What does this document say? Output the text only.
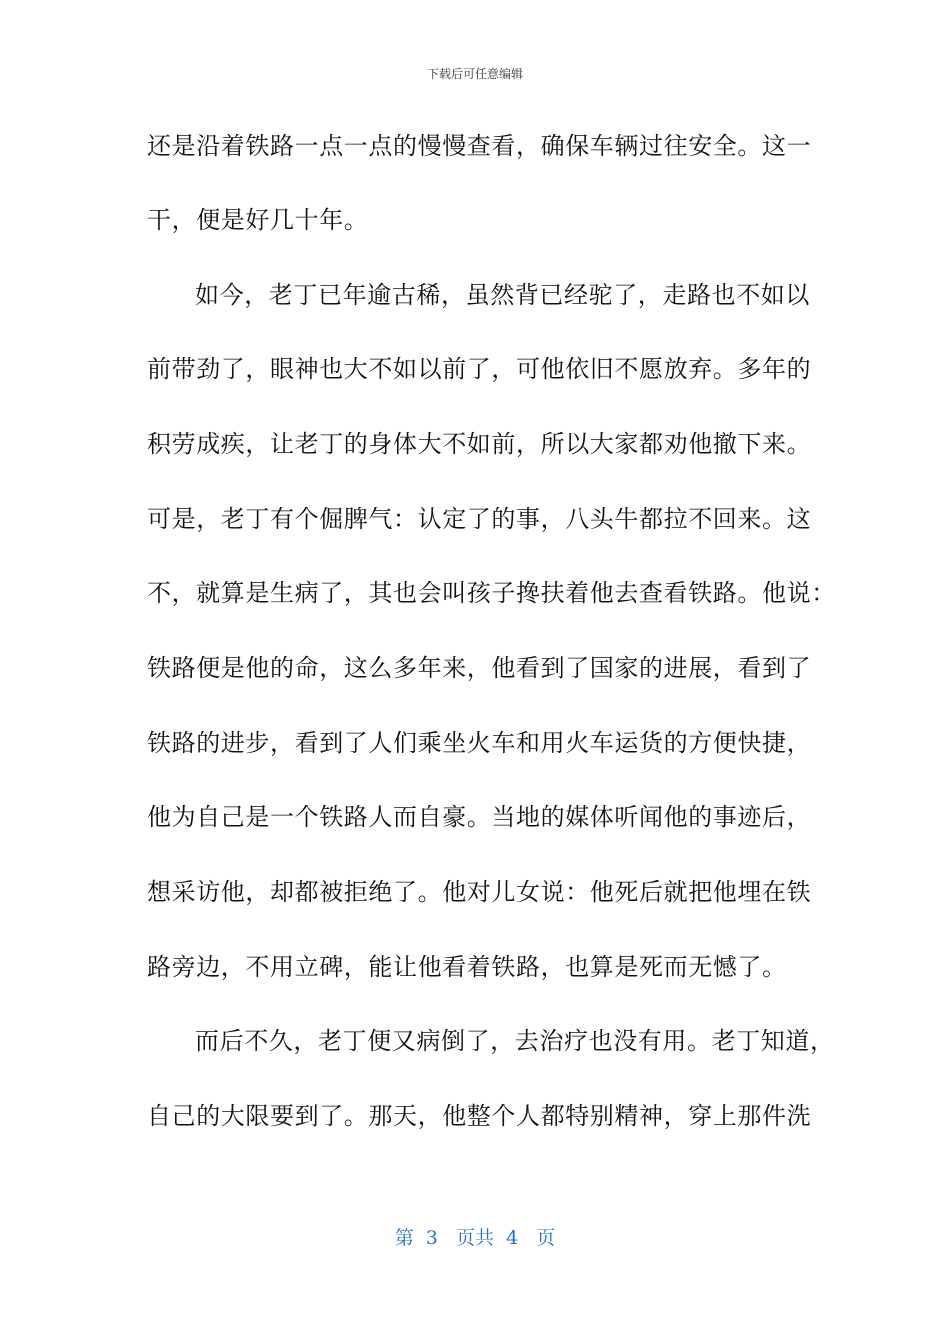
下载后可任意编辑
还是沿着铁路一点一点的慢慢查看，确保车辆过往安全。这一
干，便是好几十年。
如今，老丁已年逾古稀，虽然背已经驼了，走路也不如以
前带劲了，眼神也大不如以前了，可他依旧不愿放弃。多年的
积劳成疾，让老丁的身体大不如前，所以大家都劝他撤下来。
可是，老丁有个倔脾气：认定了的事，八头牛都拉不回来。这
不，就算是生病了，其也会叫孩子搀扶着他去查看铁路。他说：
铁路便是他的命，这么多年来，他看到了国家的进展，看到了
铁路的进步，看到了人们乘坐火车和用火车运货的方便快捷，
他为自己是一个铁路人而自豪。当地的媒体听闻他的事迹后，
想采访他，却都被拒绝了。他对儿女说：他死后就把他埋在铁
路旁边，不用立碑，能让他看着铁路，也算是死而无憾了。
而后不久，老丁便又病倒了，去治疗也没有用。老丁知道，
自己的大限要到了。那天，他整个人都特别精神，穿上那件洗
第  3   页共  4   页
